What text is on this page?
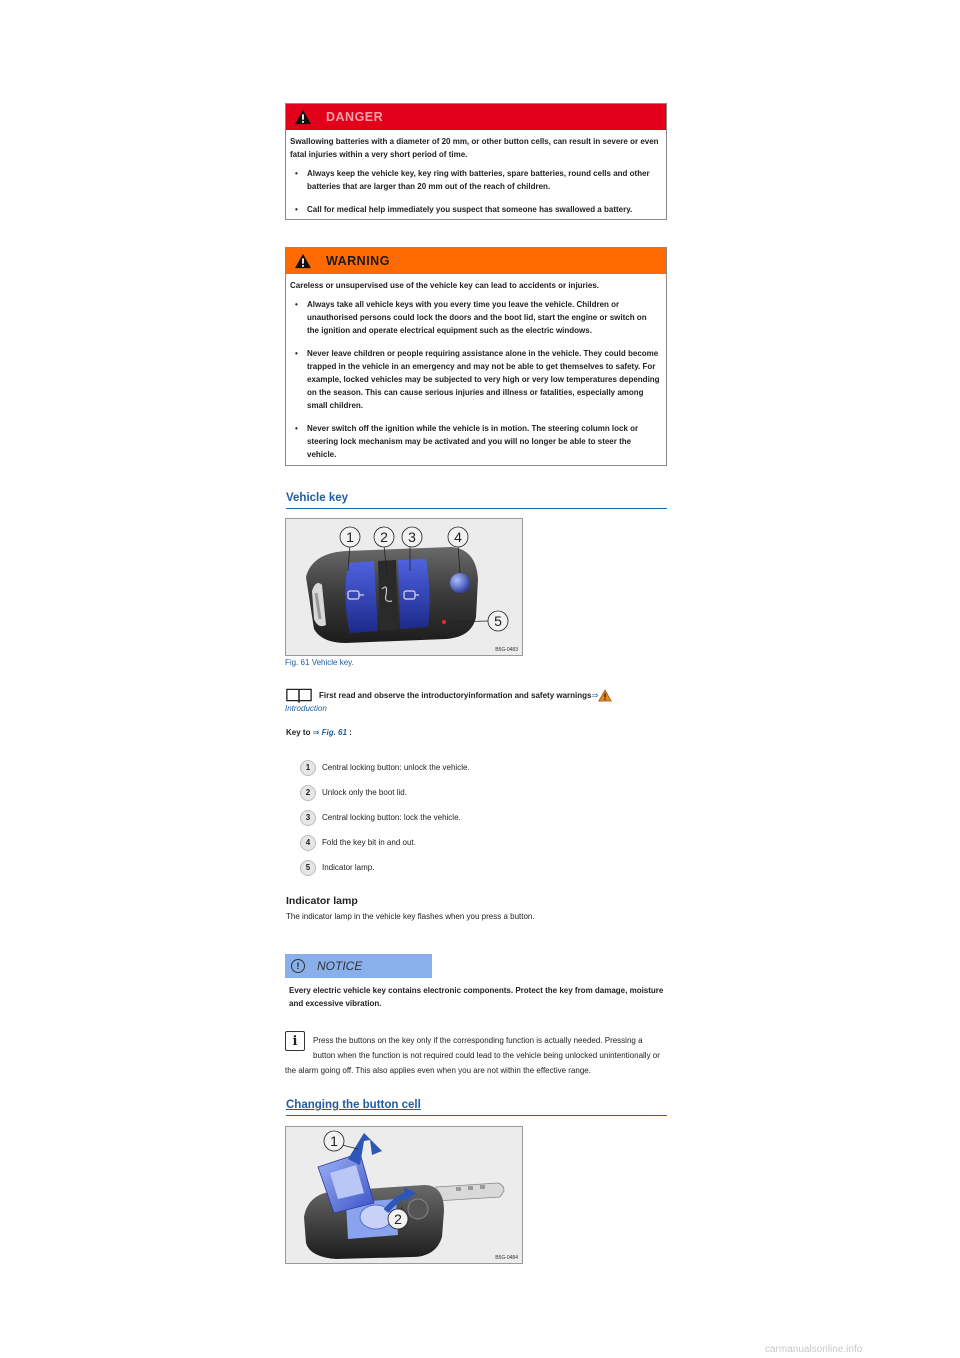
DANGER

Swallowing batteries with a diameter of 20 mm, or other button cells, can result in severe or even fatal injuries within a very short period of time.

• Always keep the vehicle key, key ring with batteries, spare batteries, round cells and other batteries that are larger than 20 mm out of the reach of children.
• Call for medical help immediately you suspect that someone has swallowed a battery.
WARNING

Careless or unsupervised use of the vehicle key can lead to accidents or injuries.

• Always take all vehicle keys with you every time you leave the vehicle. Children or unauthorised persons could lock the doors and the boot lid, start the engine or switch on the ignition and operate electrical equipment such as the electric windows.
• Never leave children or people requiring assistance alone in the vehicle. They could become trapped in the vehicle in an emergency and may not be able to get themselves to safety. For example, locked vehicles may be subjected to very high or very low temperatures depending on the season. This can cause serious injuries and illness or fatalities, especially among small children.
• Never switch off the ignition while the vehicle is in motion. The steering column lock or steering lock mechanism may be activated and you will no longer be able to steer the vehicle.
Vehicle key
1 2 3	4
5
B5G-0483
Fig. 61 Vehicle key.
First read and observe the introductoryinformation and safety warnings ⇒
Introduction
Key to ⇒ Fig. 61 :
1	Central locking button: unlock the vehicle.
2	Unlock only the boot lid.
3	Central locking button: lock the vehicle.
4	Fold the key bit in and out.
5	Indicator lamp.
Indicator lamp
The indicator lamp in the vehicle key flashes when you press a button.
!	NOTICE
Every electric vehicle key contains electronic components. Protect the key from damage, moisture and excessive vibration.
i	Press the buttons on the key only if the corresponding function is actually needed. Pressing a button when the function is not required could lead to the vehicle being unlocked unintentionally or the alarm going off. This also applies even when you are not within the effective range.
Changing the button cell
1
2
B5G-0484
carmanualsonline.info
